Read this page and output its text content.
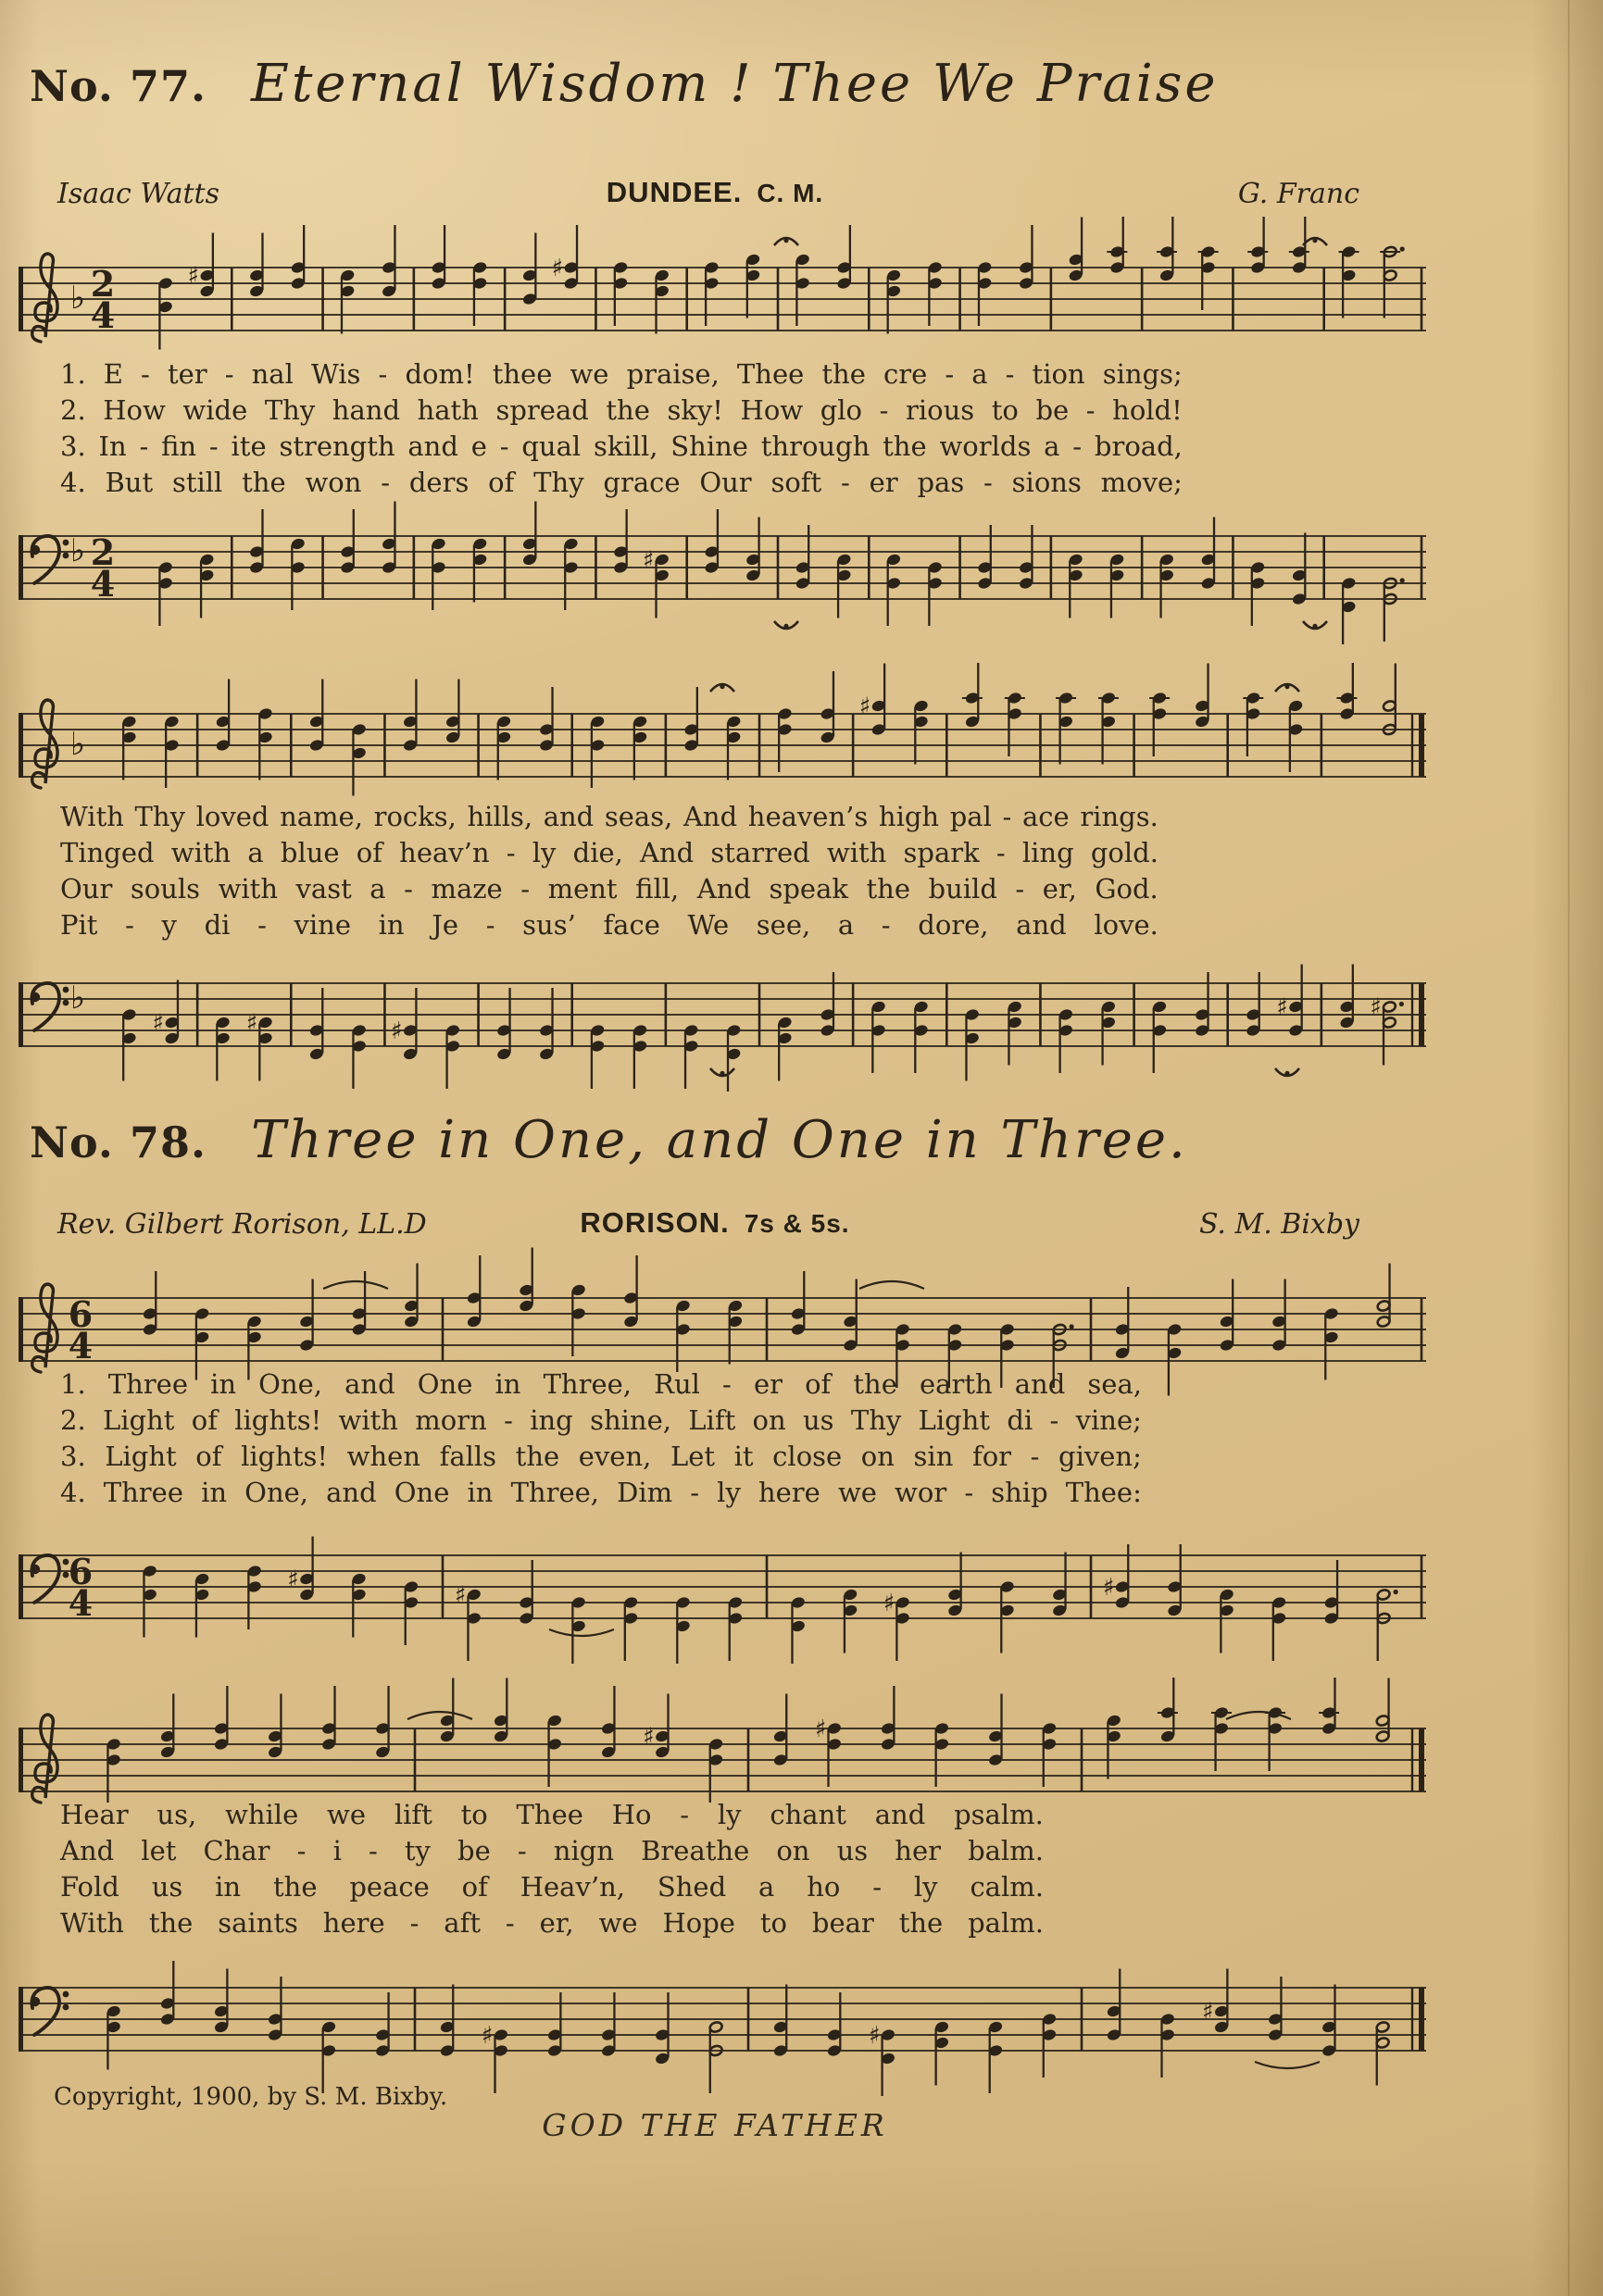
No. 77. Eternal Wisdom ! Thee We Praise
Isaac Watts	DUNDEE. C. M.	G. Franc
♭ 2
4
♯	♯
1. E - ter - nal Wis - dom! thee we praise, Thee the cre - a - tion sings;
2. How wide Thy hand hath spread the sky! How glo - rious to be - hold!
3. In - fin - ite strength and e - qual skill, Shine through the worlds a - broad,
4. But still the won - ders of Thy grace Our soft - er pas - sions move;
♭ 2
4
♯
♭
♯
With Thy loved name, rocks, hills, and seas, And heaven’s high pal - ace rings.
Tinged with a blue of heav’n - ly die, And starred with spark - ling gold.
Our souls with vast a - maze - ment fill, And speak the build - er, God.
Pit - y di - vine in Je - sus’ face We see, a - dore, and love.
♭
♯	♯	♯
♯	♯
No. 78. Three in One, and One in Three.
Rev. Gilbert Rorison, LL.D	RORISON. 7s & 5s.	S. M. Bixby
6
4
1. Three in One, and One in Three, Rul - er of the earth and sea,
2. Light of lights! with morn - ing shine, Lift on us Thy Light di - vine;
3. Light of lights! when falls the even, Let it close on sin for - given;
4. Three in One, and One in Three, Dim - ly here we wor - ship Thee:
6
4
♯
♯	♯
♯
♯	♯
Hear us, while we lift to Thee Ho - ly chant and psalm.
And let Char - i - ty be - nign Breathe on us her balm.
Fold us in the peace of Heav’n, Shed a ho - ly calm.
With the saints here - aft - er, we Hope to bear the palm.
♯	♯
♯
Copyright, 1900, by S. M. Bixby.
GOD THE FATHER
